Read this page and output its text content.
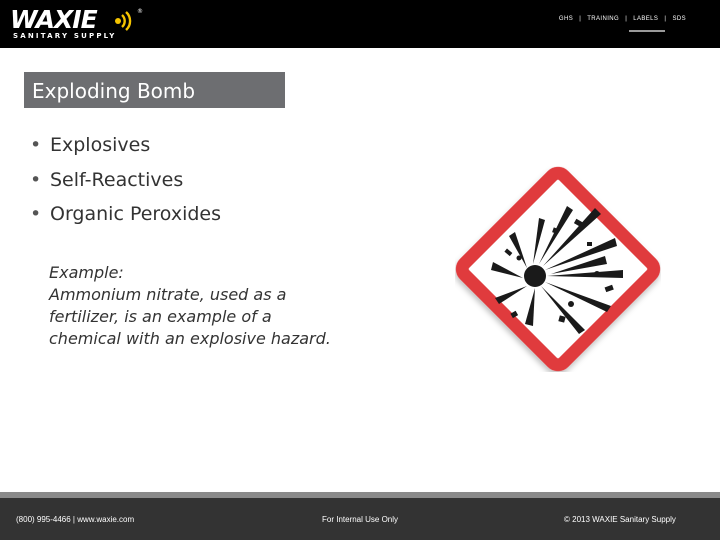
WAXIE	®
SANITARY SUPPLY
GHS | TRAINING | LABELS | SDS
Exploding Bomb
• Explosives
• Self-Reactives
• Organic Peroxides
Example:
Ammonium nitrate, used as a
fertilizer, is an example of a
chemical with an explosive hazard.
(800) 995-4466 | www.waxie.com	For Internal Use Only	© 2013 WAXIE Sanitary Supply
